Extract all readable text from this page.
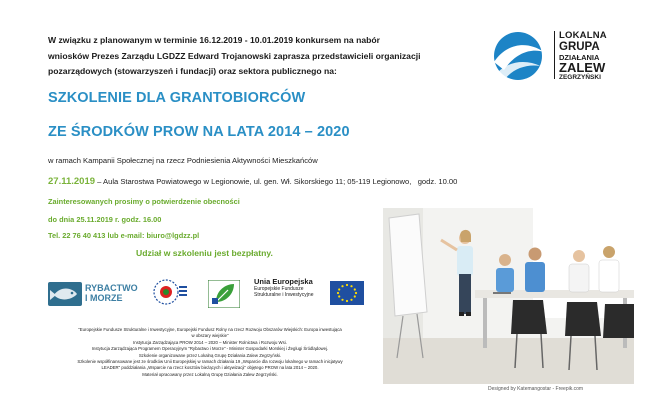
W związku z planowanym w terminie 16.12.2019 - 10.01.2019 konkursem na nabór
wniosków Prezes Zarządu LGDZZ Edward Trojanowski zaprasza przedstawicieli organizacji
pozarządowych (stowarzyszeń i fundacji) oraz sektora publicznego na:
LOKALNA
GRUPA
DZIAŁANIA
ZALEW
ZEGRZYŃSKI
SZKOLENIE DLA GRANTOBIORCÓW
ZE ŚRODKÓW PROW NA LATA 2014 – 2020
w ramach Kampanii Społecznej na rzecz Podniesienia Aktywności Mieszkańców
27.11.2019 – Aula Starostwa Powiatowego w Legionowie, ul. gen. Wł. Sikorskiego 11; 05-119 Legionowo, godz. 10.00
Zainteresowanych prosimy o potwierdzenie obecności
do dnia 25.11.2019 r. godz. 16.00
Tel. 22 76 40 413 lub e-mail: biuro@lgdzz.pl
Udział w szkoleniu jest bezpłatny.
RYBACTWO
I MORZE
Unia Europejska
Europejskie Fundusze
Strukturalne i Inwestycyjne
"Europejskie Fundusze Strukturalne i Inwestycyjne, Europejski Fundusz Rolny na rzecz Rozwoju Obszarów Wiejskich: Europa inwestująca
w obszary wiejskie"
Instytucja Zarządzająca PROW 2014 – 2020 – Minister Rolnictwa i Rozwoju Wsi.
Instytucja Zarządzająca Programem Operacyjnym "Rybactwo i Morze" - Minister Gospodarki Morskiej i Żeglugi Śródlądowej.
Szkolenie organizowane przez Lokalną Grupę Działania Zalew Zegrzyński.
Szkolenie współfinansowane jest ze środków Unii Europejskiej w ramach działania 19 „Wsparcie dla rozwoju lokalnego w ramach inicjatywy
LEADER" poddziałania „Wsparcie na rzecz kosztów bieżących i aktywizacji" objętego PROW na lata 2014 – 2020.
Materiał opracowany przez Lokalną Grupę Działania Zalew Zegrzyński.
Designed by Katemangostar - Freepik.com
